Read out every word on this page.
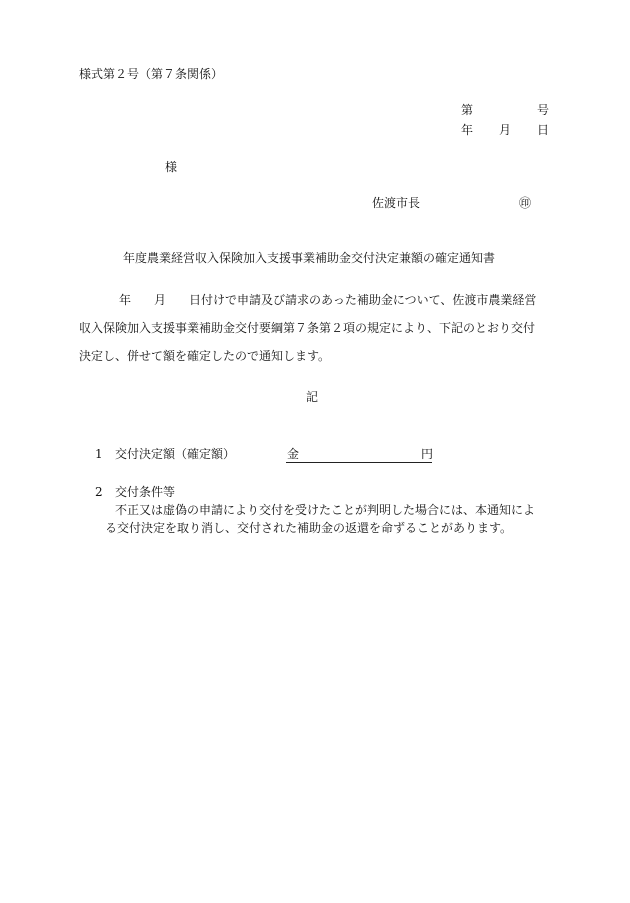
様式第２号（第７条関係）
第	号
年 月 日
様
佐渡市長	㊞
年度農業経営収入保険加入支援事業補助金交付決定兼額の確定通知書
年 月 日付けで申請及び請求のあった補助金について、佐渡市農業経営
収入保険加入支援事業補助金交付要綱第７条第２項の規定により、下記のとおり交付
決定し、併せて額を確定したので通知します。
記
1 交付決定額（確定額）	金	円
2 交付条件等
不正又は虚偽の申請により交付を受けたことが判明した場合には、本通知によ
る交付決定を取り消し、交付された補助金の返還を命ずることがあります。
